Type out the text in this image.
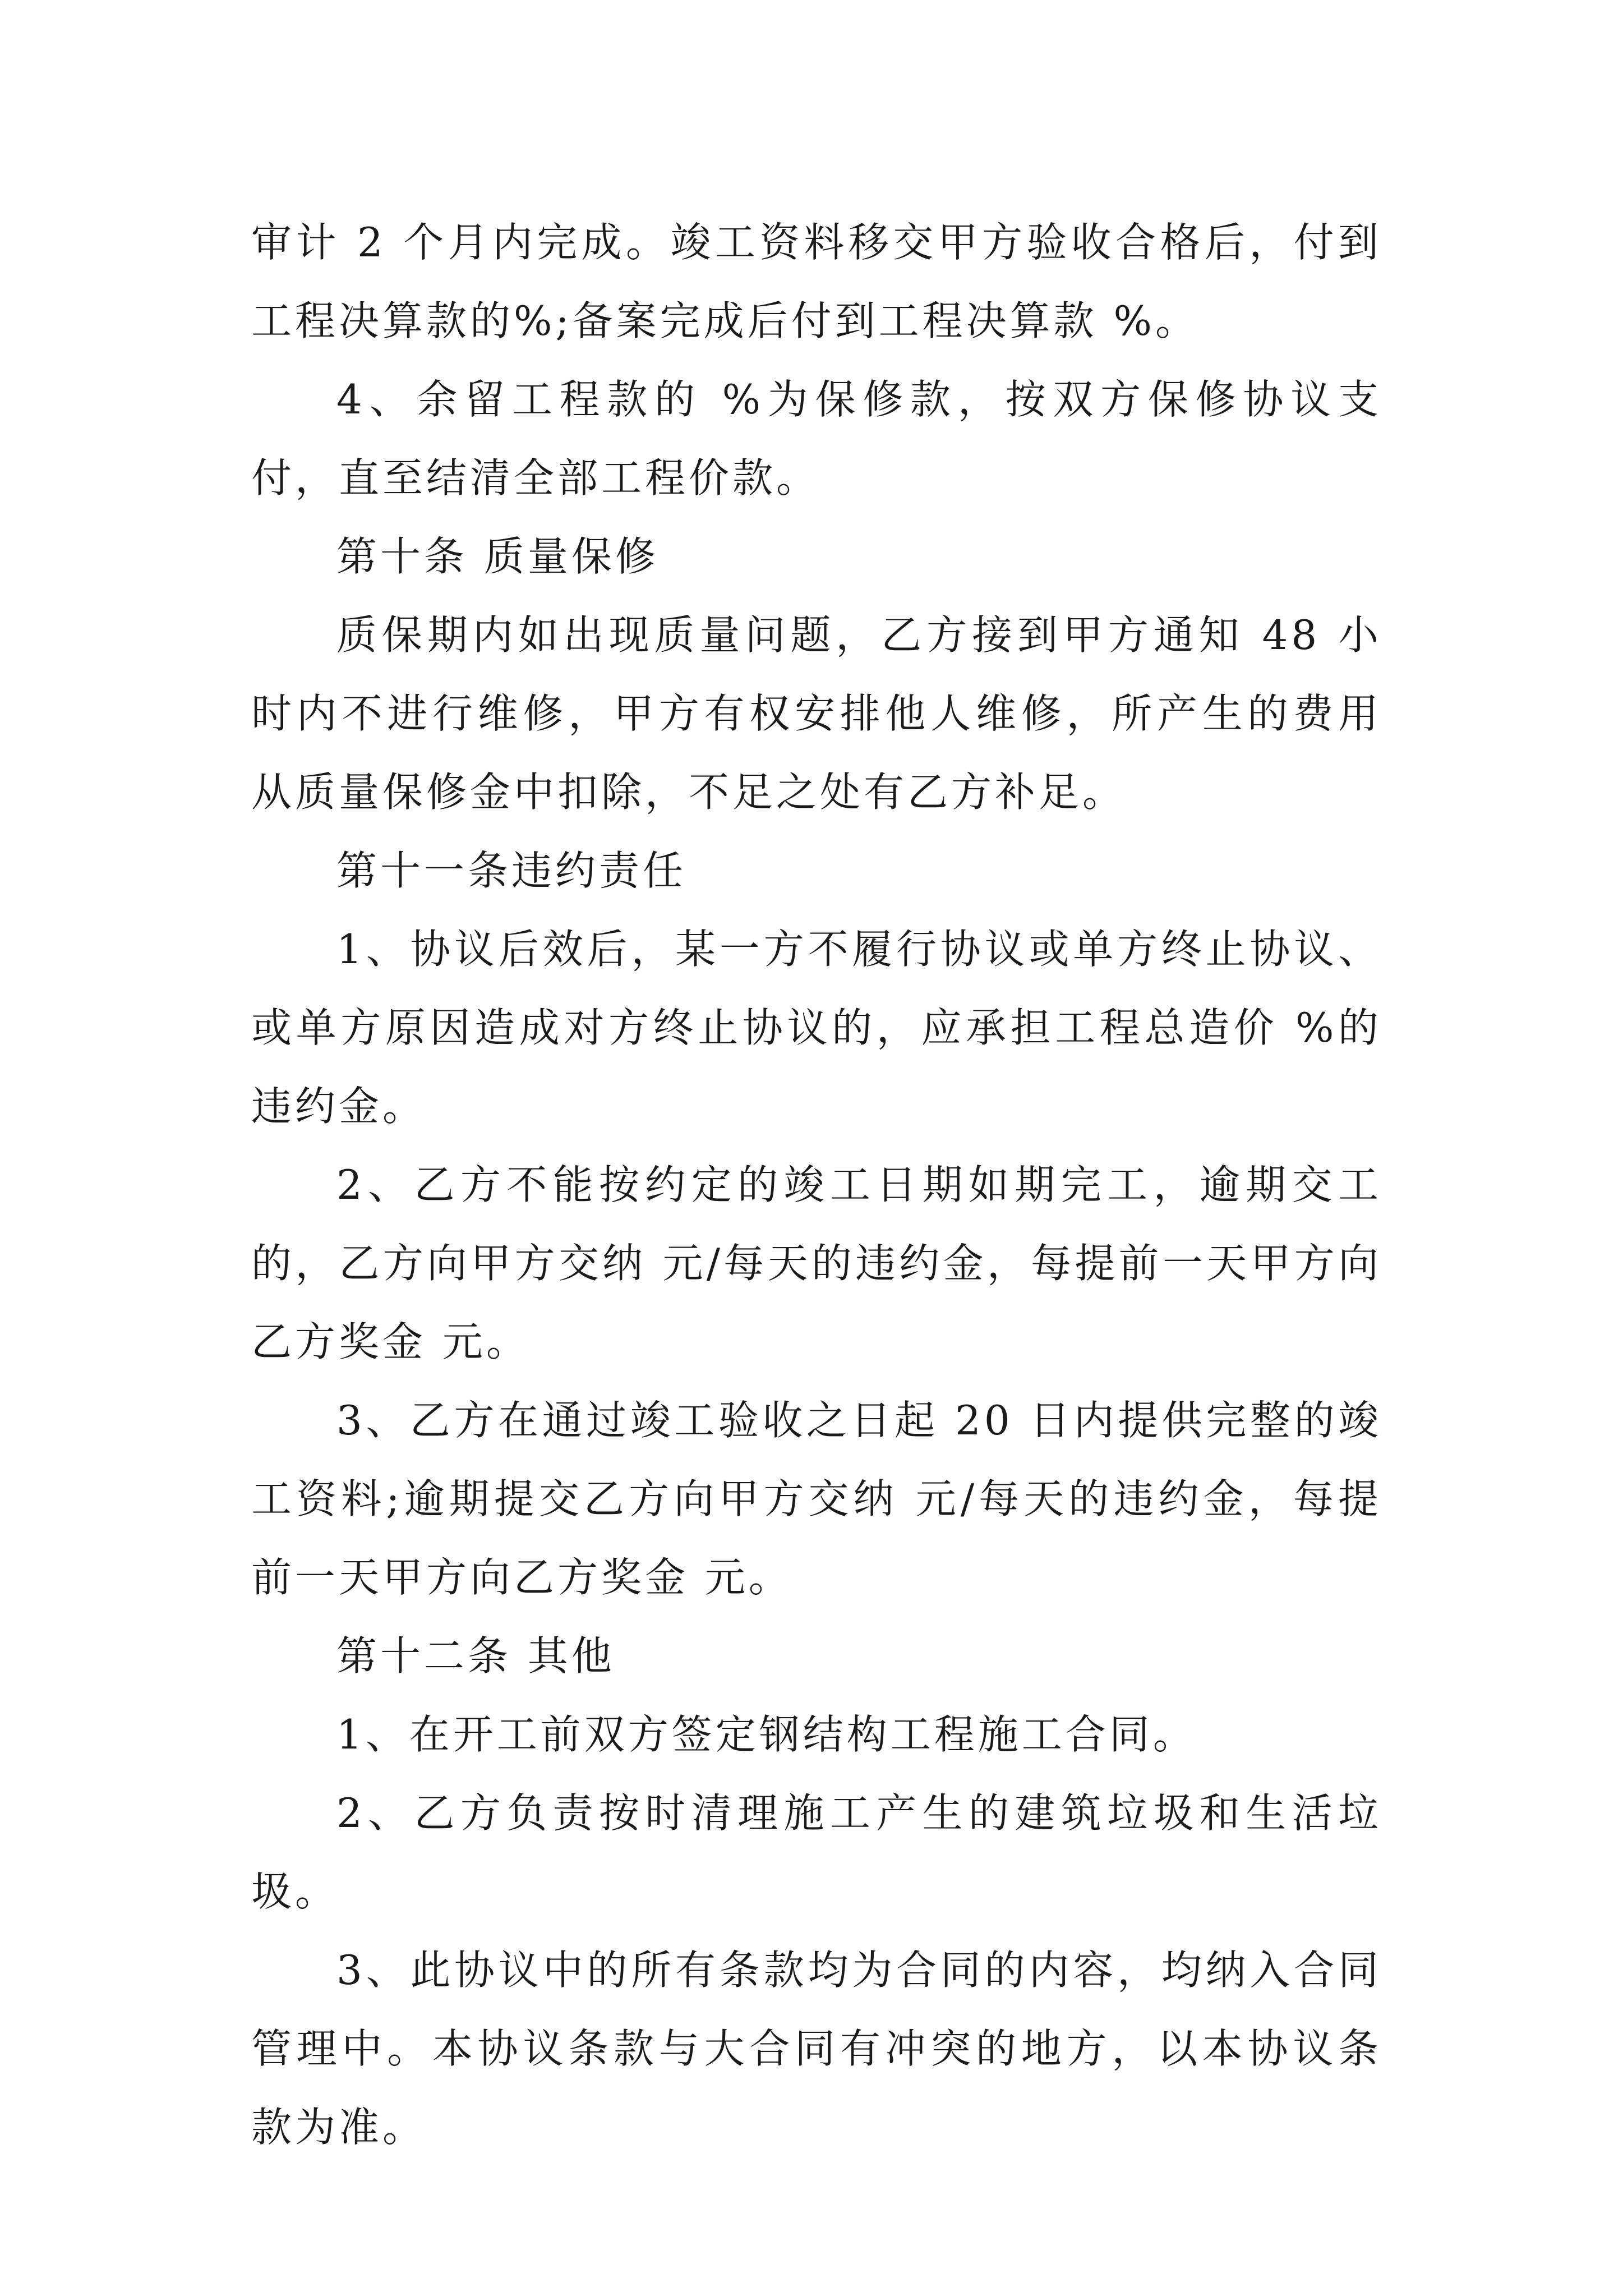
审计 2 个月内完成。竣工资料移交甲方验收合格后，付到工程决算款的%;备案完成后付到工程决算款 %。

4、余留工程款的 %为保修款，按双方保修协议支付，直至结清全部工程价款。

第十条 质量保修

质保期内如出现质量问题，乙方接到甲方通知 48 小时内不进行维修，甲方有权安排他人维修，所产生的费用从质量保修金中扣除，不足之处有乙方补足。

第十一条违约责任

1、协议后效后，某一方不履行协议或单方终止协议、或单方原因造成对方终止协议的，应承担工程总造价 %的违约金。

2、乙方不能按约定的竣工日期如期完工，逾期交工的，乙方向甲方交纳 元/每天的违约金，每提前一天甲方向乙方奖金 元。

3、乙方在通过竣工验收之日起 20 日内提供完整的竣工资料;逾期提交乙方向甲方交纳 元/每天的违约金，每提前一天甲方向乙方奖金 元。

第十二条 其他

1、在开工前双方签定钢结构工程施工合同。

2、乙方负责按时清理施工产生的建筑垃圾和生活垃圾。

3、此协议中的所有条款均为合同的内容，均纳入合同管理中。本协议条款与大合同有冲突的地方，以本协议条款为准。
